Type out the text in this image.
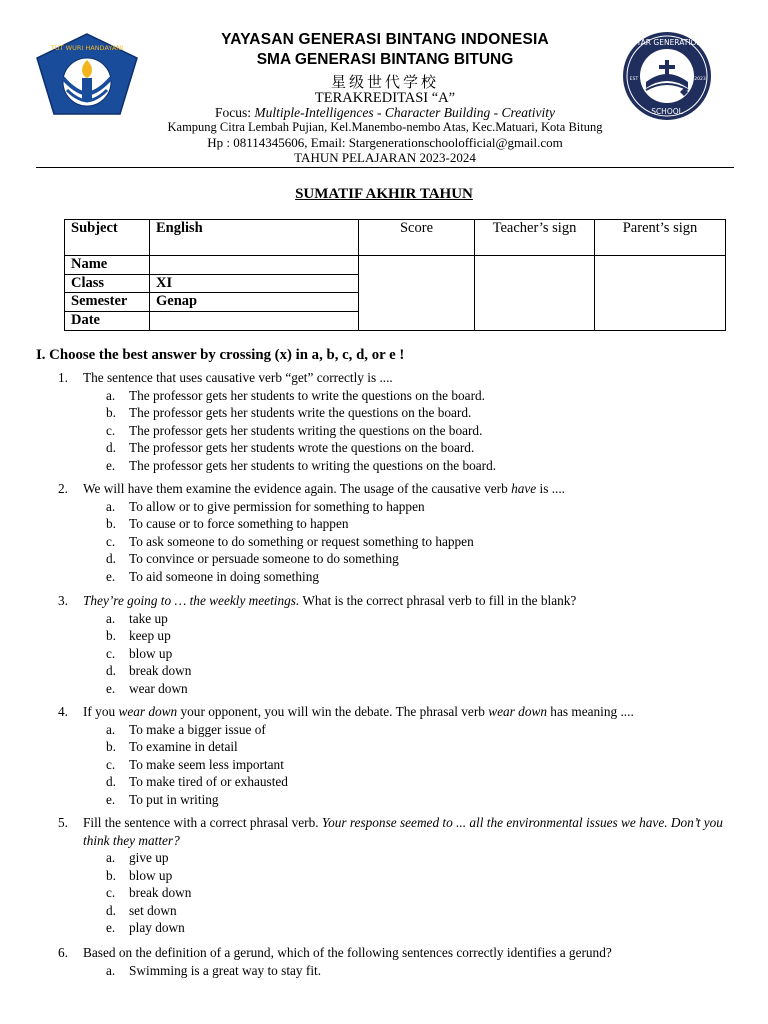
TUT WURI HANDAYANI
STAR GENERATION
SCHOOL
EST	2023
YAYASAN GENERASI BINTANG INDONESIA
SMA GENERASI BINTANG BITUNG
星级世代学校
TERAKREDITASI “A”
Focus: Multiple-Intelligences - Character Building - Creativity
Kampung Citra Lembah Pujian, Kel.Manembo-nembo Atas, Kec.Matuari, Kota Bitung
Hp : 08114345606, Email: Stargenerationschoolofficial@gmail.com
TAHUN PELAJARAN 2023-2024
SUMATIF AKHIR TAHUN
Subject	English	Score	Teacher’s sign	Parent’s sign
Name				
Class	XI			
Semester	Genap			
Date				
I. Choose the best answer by crossing (x) in a, b, c, d, or e !
1. The sentence that uses causative verb “get” correctly is ....
a. The professor gets her students to write the questions on the board.
b. The professor gets her students write the questions on the board.
c. The professor gets her students writing the questions on the board.
d. The professor gets her students wrote the questions on the board.
e. The professor gets her students to writing the questions on the board.
2. We will have them examine the evidence again. The usage of the causative verb have is ....
a. To allow or to give permission for something to happen
b. To cause or to force something to happen
c. To ask someone to do something or request something to happen
d. To convince or persuade someone to do something
e. To aid someone in doing something
3. They’re going to … the weekly meetings. What is the correct phrasal verb to fill in the blank?
a. take up
b. keep up
c. blow up
d. break down
e. wear down
4. If you wear down your opponent, you will win the debate. The phrasal verb wear down has meaning ....
a. To make a bigger issue of
b. To examine in detail
c. To make seem less important
d. To make tired of or exhausted
e. To put in writing
5. Fill the sentence with a correct phrasal verb. Your response seemed to ... all the environmental issues we have. Don’t you think they matter?
a. give up
b. blow up
c. break down
d. set down
e. play down
6. Based on the definition of a gerund, which of the following sentences correctly identifies a gerund?
a. Swimming is a great way to stay fit.
